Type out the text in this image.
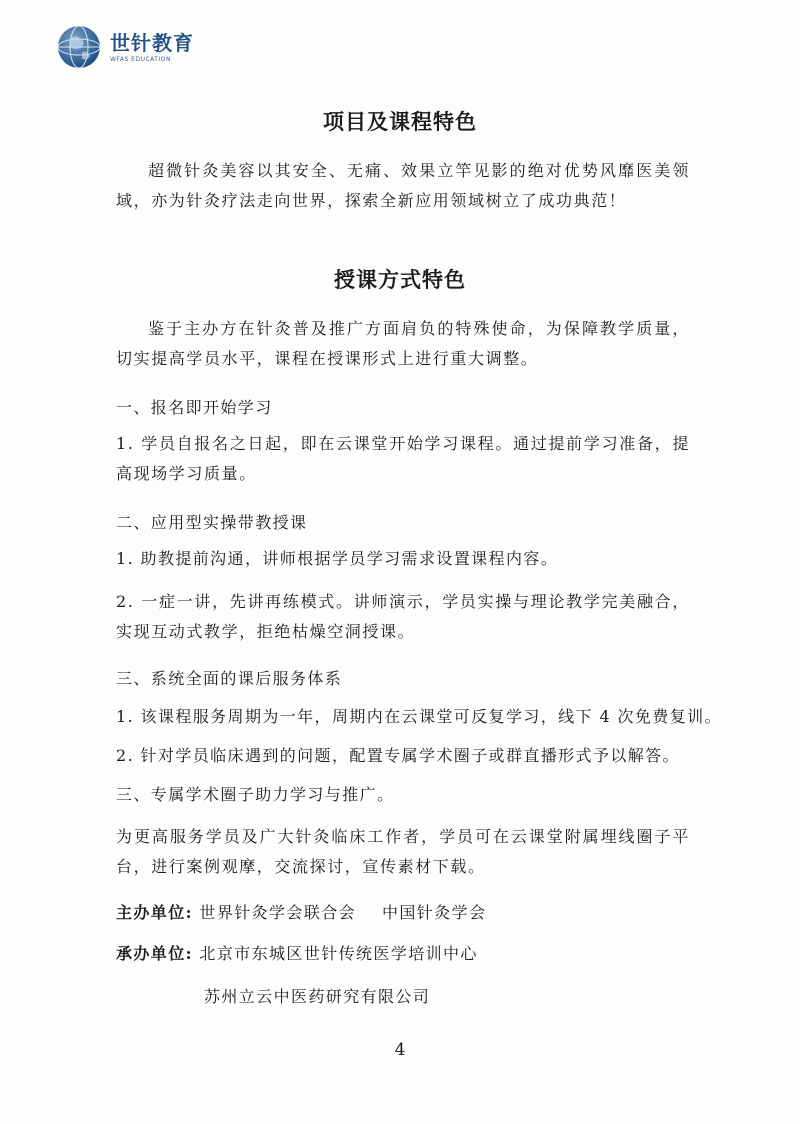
世针教育
WFAS EDUCATION
项目及课程特色
超微针灸美容以其安全、无痛、效果立竿见影的绝对优势风靡医美领域，亦为针灸疗法走向世界，探索全新应用领域树立了成功典范！
授课方式特色
鉴于主办方在针灸普及推广方面肩负的特殊使命，为保障教学质量，切实提高学员水平，课程在授课形式上进行重大调整。
一、报名即开始学习
1. 学员自报名之日起，即在云课堂开始学习课程。通过提前学习准备，提高现场学习质量。
二、应用型实操带教授课
1. 助教提前沟通，讲师根据学员学习需求设置课程内容。
2. 一症一讲，先讲再练模式。讲师演示，学员实操与理论教学完美融合，实现互动式教学，拒绝枯燥空洞授课。
三、系统全面的课后服务体系
1. 该课程服务周期为一年，周期内在云课堂可反复学习，线下 4 次免费复训。
2. 针对学员临床遇到的问题，配置专属学术圈子或群直播形式予以解答。
三、专属学术圈子助力学习与推广。
为更高服务学员及广大针灸临床工作者，学员可在云课堂附属埋线圈子平台，进行案例观摩，交流探讨，宣传素材下载。
主办单位: 世界针灸学会联合会    中国针灸学会
承办单位: 北京市东城区世针传统医学培训中心
苏州立云中医药研究有限公司
4
